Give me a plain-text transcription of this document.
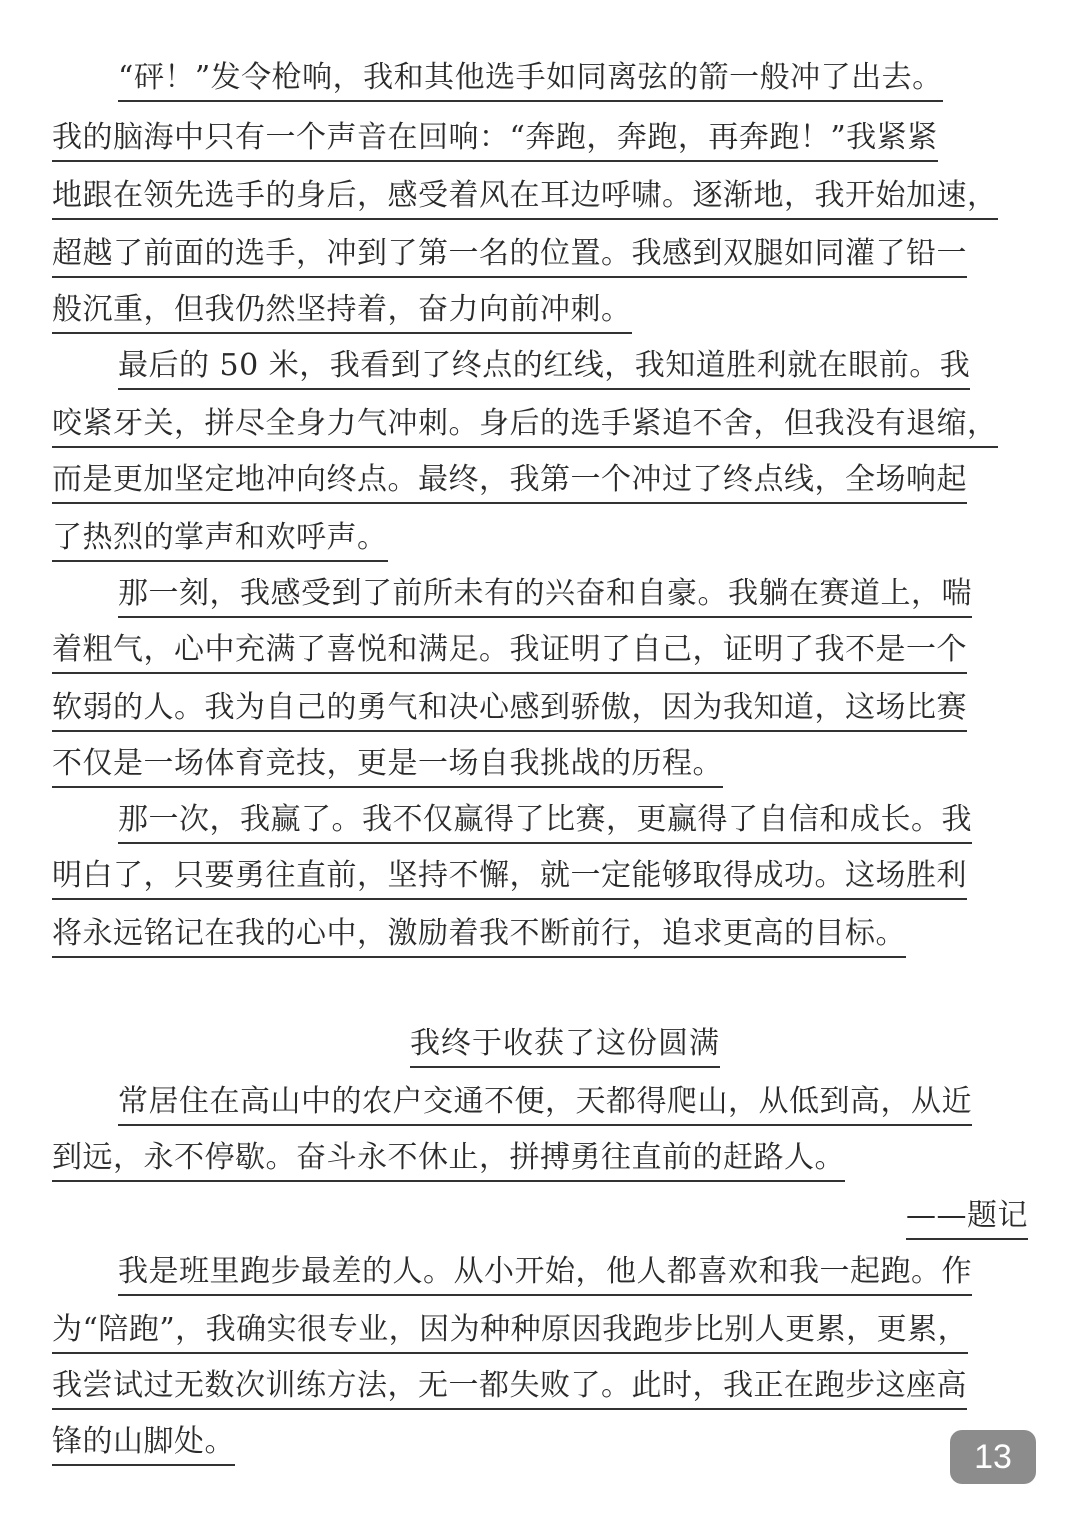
“砰！”发令枪响，我和其他选手如同离弦的箭一般冲了出去。
我的脑海中只有一个声音在回响：“奔跑，奔跑，再奔跑！”我紧紧
地跟在领先选手的身后，感受着风在耳边呼啸。逐渐地，我开始加速，
超越了前面的选手，冲到了第一名的位置。我感到双腿如同灌了铅一
般沉重，但我仍然坚持着，奋力向前冲刺。
最后的 50 米，我看到了终点的红线，我知道胜利就在眼前。我
咬紧牙关，拼尽全身力气冲刺。身后的选手紧追不舍，但我没有退缩，
而是更加坚定地冲向终点。最终，我第一个冲过了终点线，全场响起
了热烈的掌声和欢呼声。
那一刻，我感受到了前所未有的兴奋和自豪。我躺在赛道上，喘
着粗气，心中充满了喜悦和满足。我证明了自己，证明了我不是一个
软弱的人。我为自己的勇气和决心感到骄傲，因为我知道，这场比赛
不仅是一场体育竞技，更是一场自我挑战的历程。
那一次，我赢了。我不仅赢得了比赛，更赢得了自信和成长。我
明白了，只要勇往直前，坚持不懈，就一定能够取得成功。这场胜利
将永远铭记在我的心中，激励着我不断前行，追求更高的目标。
我终于收获了这份圆满
常居住在高山中的农户交通不便，天都得爬山，从低到高，从近
到远，永不停歇。奋斗永不休止，拼搏勇往直前的赶路人。
——题记
我是班里跑步最差的人。从小开始，他人都喜欢和我一起跑。作
为“陪跑”，我确实很专业，因为种种原因我跑步比别人更累，更累，
我尝试过无数次训练方法，无一都失败了。此时，我正在跑步这座高
锋的山脚处。	13
